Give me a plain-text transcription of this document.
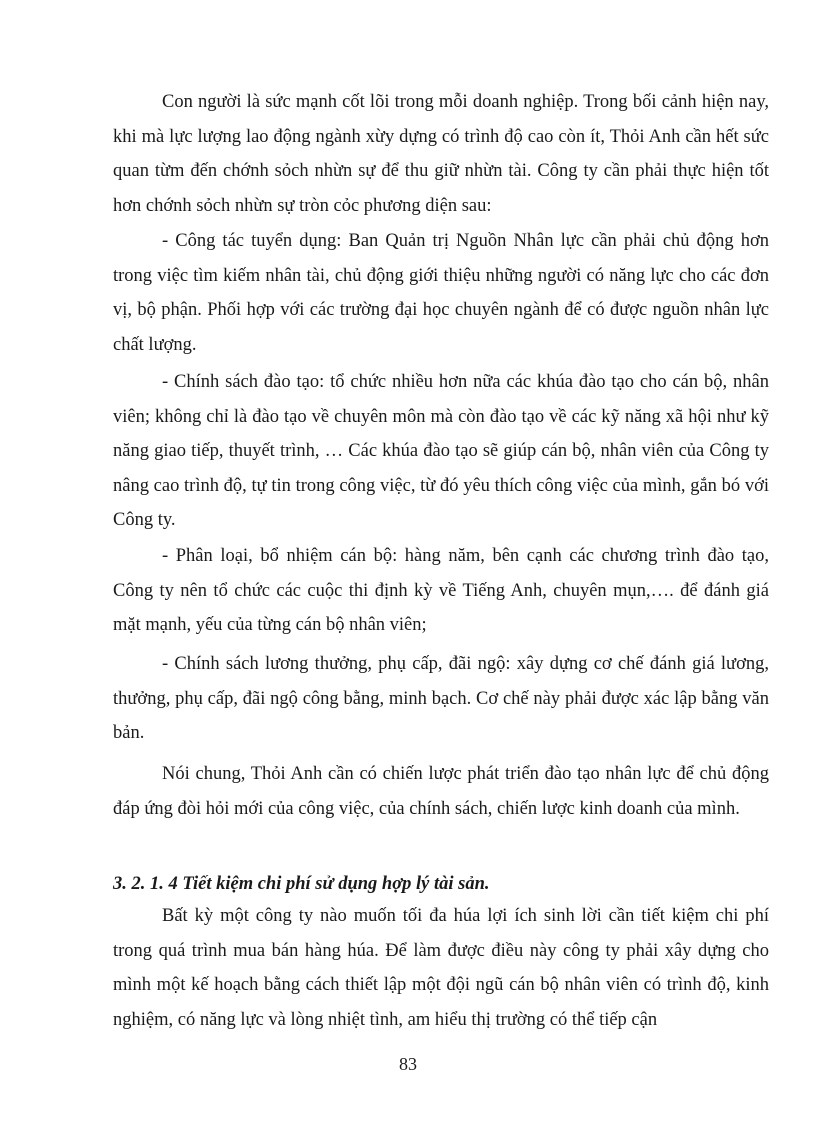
Con người là sức mạnh cốt lõi trong mỗi doanh nghiệp. Trong bối cảnh hiện nay, khi mà lực lượng lao động ngành xừy dựng có trình độ cao còn ít, Thỏi Anh cần hết sức quan từm đến chớnh sỏch nhừn sự để thu giữ nhừn tài. Công ty cần phải thực hiện tốt hơn chớnh sỏch nhừn sự tròn cỏc phương diện sau:

- Công tác tuyển dụng: Ban Quản trị Nguồn Nhân lực cần phải chủ động hơn trong việc tìm kiếm nhân tài, chủ động giới thiệu những người có năng lực cho các đơn vị, bộ phận. Phối hợp với các trường đại học chuyên ngành để có được nguồn nhân lực chất lượng.

- Chính sách đào tạo: tổ chức nhiều hơn nữa các khúa đào tạo cho cán bộ, nhân viên; không chỉ là đào tạo về chuyên môn mà còn đào tạo về các kỹ năng xã hội như kỹ năng giao tiếp, thuyết trình, … Các khúa đào tạo sẽ giúp cán bộ, nhân viên của Công ty nâng cao trình độ, tự tin trong công việc, từ đó yêu thích công việc của mình, gắn bó với Công ty.

- Phân loại, bổ nhiệm cán bộ: hàng năm, bên cạnh các chương trình đào tạo, Công ty nên tổ chức các cuộc thi định kỳ về Tiếng Anh, chuyên mụn,…. để đánh giá mặt mạnh, yếu của từng cán bộ nhân viên;

- Chính sách lương thưởng, phụ cấp, đãi ngộ: xây dựng cơ chế đánh giá lương, thưởng, phụ cấp, đãi ngộ công bằng, minh bạch. Cơ chế này phải được xác lập bằng văn bản.

Nói chung, Thỏi Anh cần có chiến lược phát triển đào tạo nhân lực để chủ động đáp ứng đòi hỏi mới của công việc, của chính sách, chiến lược kinh doanh của mình.

3. 2. 1. 4 Tiết kiệm chi phí sử dụng hợp lý tài sản.

Bất kỳ một công ty nào muốn tối đa húa lợi ích sinh lời cần tiết kiệm chi phí trong quá trình mua bán hàng húa. Để làm được điều này công ty phải xây dựng cho mình một kế hoạch bằng cách thiết lập một đội ngũ cán bộ nhân viên có trình độ, kinh nghiệm, có năng lực và lòng nhiệt tình, am hiểu thị trường có thể tiếp cận

83
